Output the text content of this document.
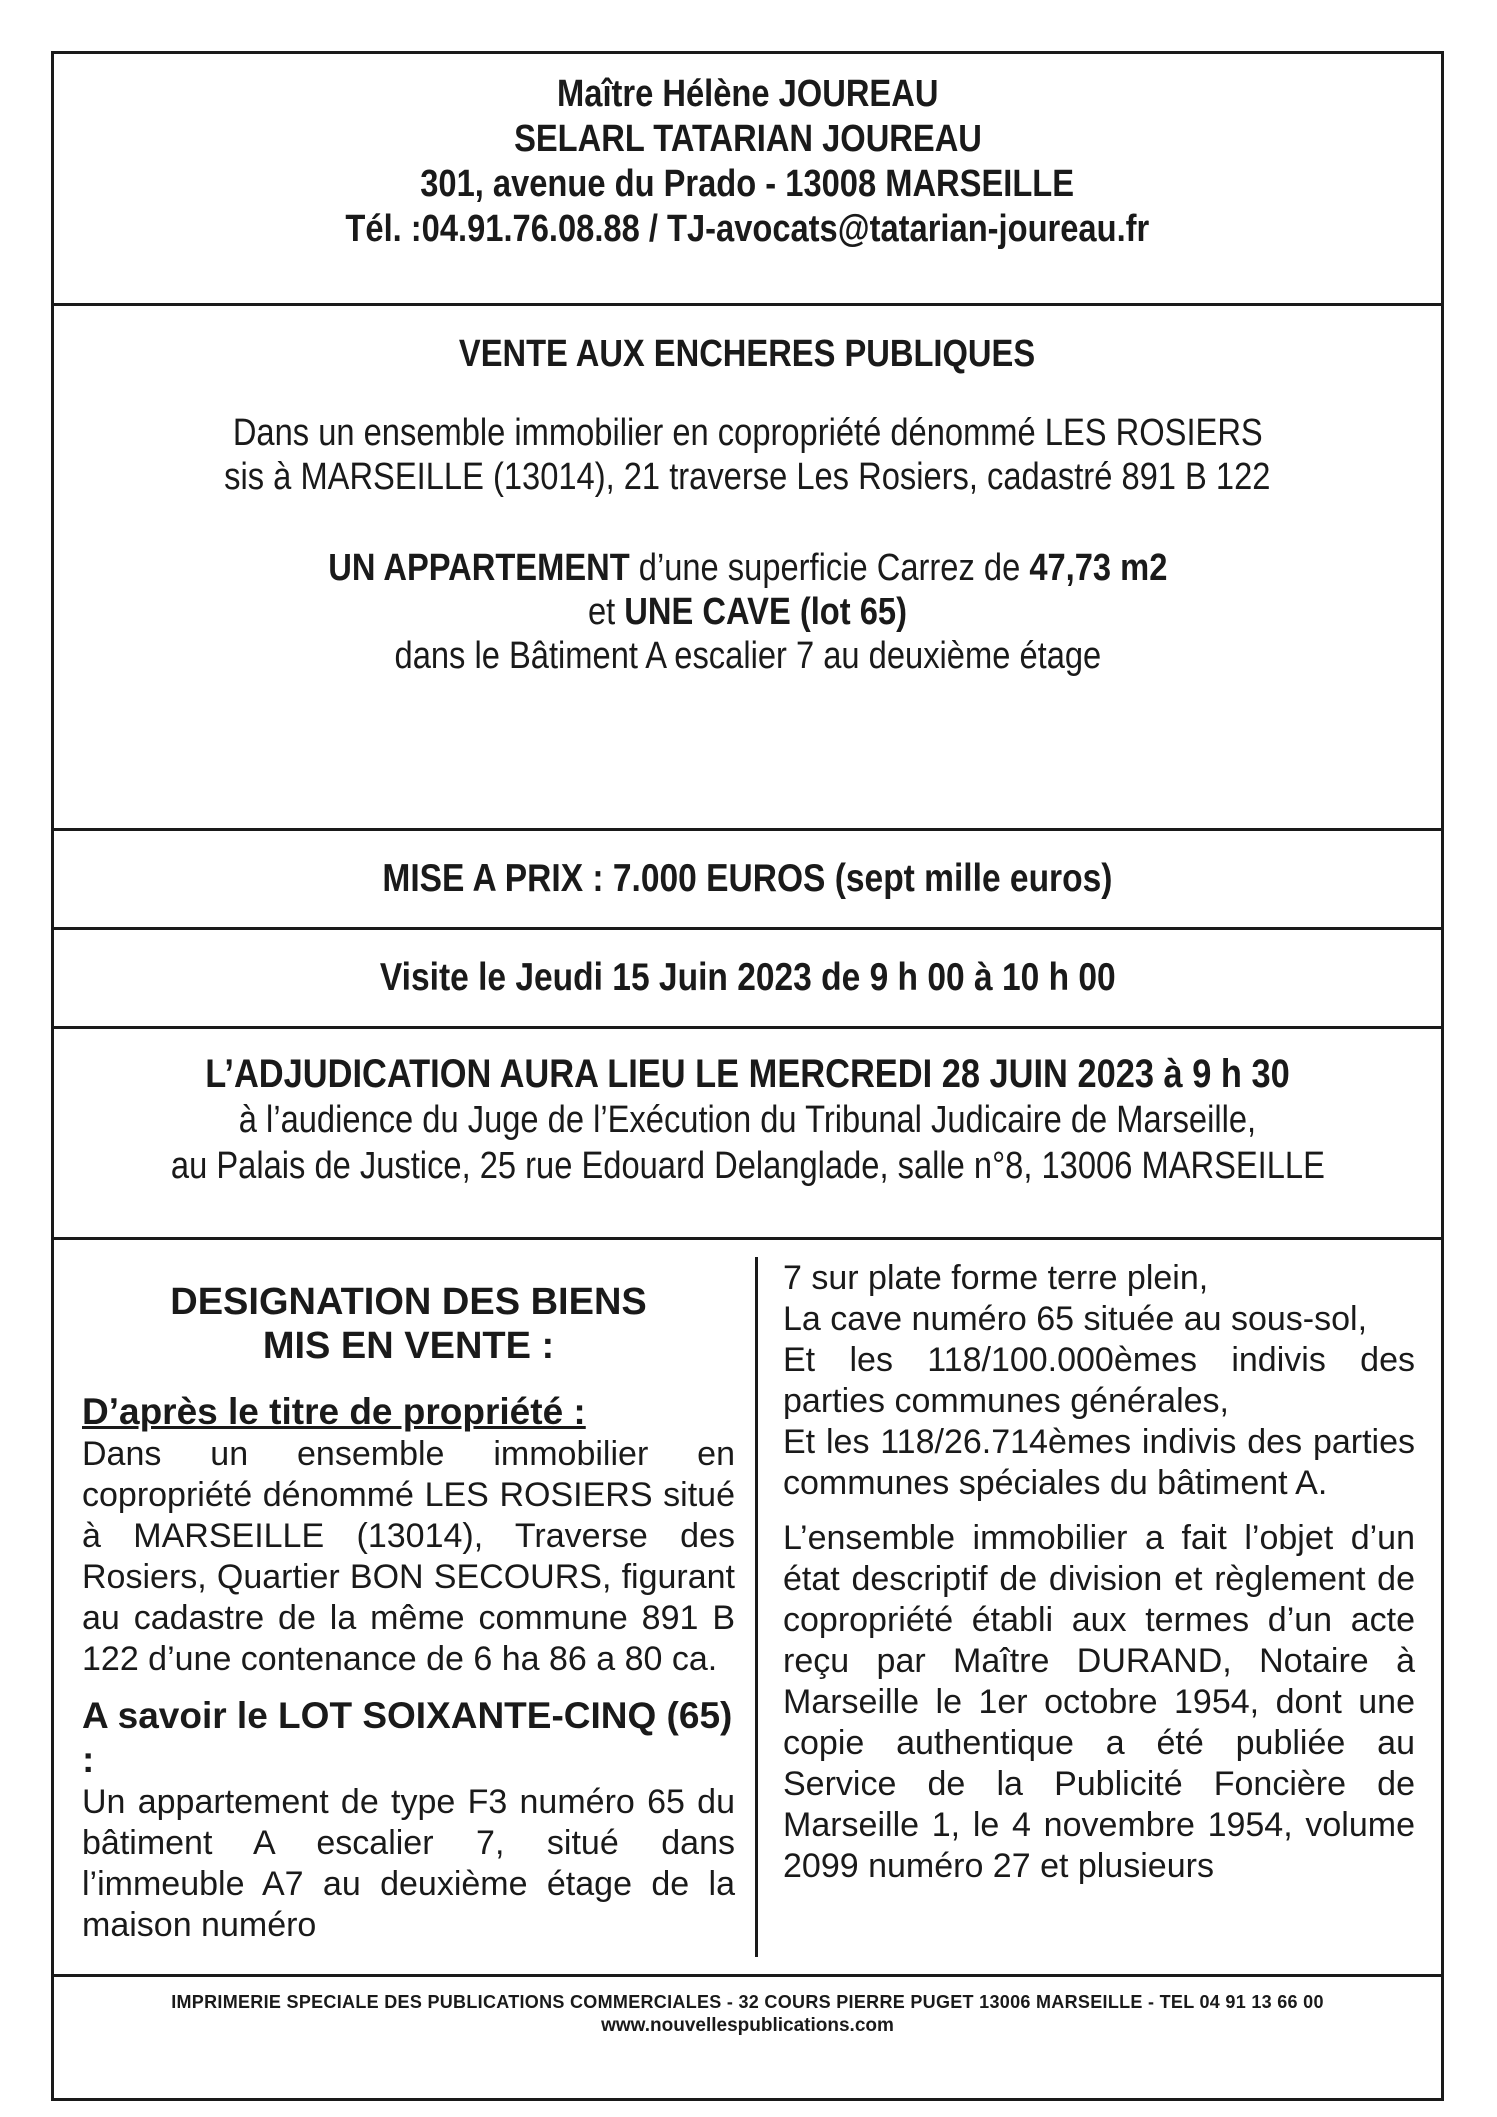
Maître Hélène JOUREAU

SELARL TATARIAN JOUREAU

301, avenue du Prado - 13008 MARSEILLE

Tél. :04.91.76.08.88 / TJ-avocats@tatarian-joureau.fr

VENTE AUX ENCHERES PUBLIQUES

Dans un ensemble immobilier en copropriété dénommé LES ROSIERS

sis à MARSEILLE (13014), 21 traverse Les Rosiers, cadastré 891 B 122

UN APPARTEMENT d’une superficie Carrez de 47,73 m2

et UNE CAVE (lot 65)

dans le Bâtiment A escalier 7 au deuxième étage

MISE A PRIX : 7.000 EUROS (sept mille euros)
Visite le Jeudi 15 Juin 2023 de 9 h 00 à 10 h 00

L’ADJUDICATION AURA LIEU LE MERCREDI 28 JUIN 2023 à 9 h 30

à l’audience du Juge de l’Exécution du Tribunal Judicaire de Marseille,

au Palais de Justice, 25 rue Edouard Delanglade, salle n°8, 13006 MARSEILLE

DESIGNATION DES BIENS

MIS EN VENTE :

D’après le titre de propriété :

Dans un ensemble immobilier en copropriété dénommé LES ROSIERS situé à MARSEILLE (13014), Traverse des Rosiers, Quartier BON SECOURS, figurant au cadastre de la même commune 891 B 122 d’une contenance de 6 ha 86 a 80 ca.

A savoir le LOT SOIXANTE-CINQ (65) :

Un appartement de type F3 numéro 65 du bâtiment A escalier 7, situé dans l’immeuble A7 au deuxième étage de la maison numéro

7 sur plate forme terre plein,
La cave numéro 65 située au sous-sol,

Et les 118/100.000èmes indivis des parties communes générales,

Et les 118/26.714èmes indivis des parties communes spéciales du bâtiment A.

L’ensemble immobilier a fait l’objet d’un état descriptif de division et règlement de copropriété établi aux termes d’un acte reçu par Maître DURAND, Notaire à Marseille le 1er octobre 1954, dont une copie authentique a été publiée au Service de la Publicité Foncière de Marseille 1, le 4 novembre 1954, volume 2099 numéro 27 et plusieurs

IMPRIMERIE SPECIALE DES PUBLICATIONS COMMERCIALES - 32 COURS PIERRE PUGET 13006 MARSEILLE - TEL 04 91 13 66 00
www.nouvellespublications.com
